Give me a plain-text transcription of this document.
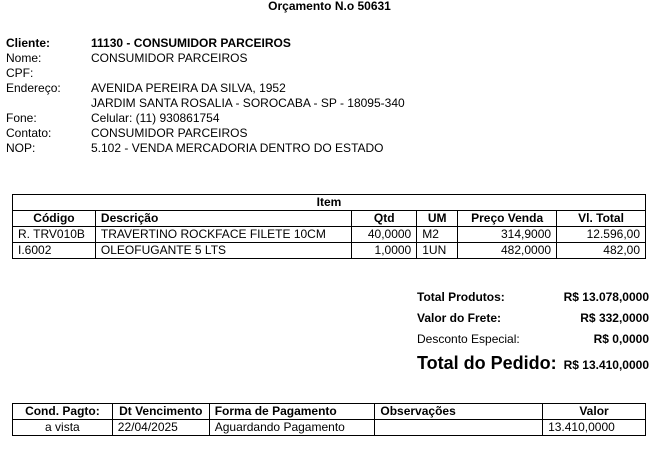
Orçamento N.o 50631
Cliente:	11130 - CONSUMIDOR PARCEIROS
Nome:	CONSUMIDOR PARCEIROS
CPF:
Endereço:	AVENIDA PEREIRA DA SILVA, 1952
JARDIM SANTA ROSALIA - SOROCABA - SP - 18095-340
Fone:	Celular: (11) 930861754
Contato:	CONSUMIDOR PARCEIROS
NOP:	5.102 - VENDA MERCADORIA DENTRO DO ESTADO
Item					
Código	Descrição	Qtd	UM	Preço Venda	Vl. Total
R. TRV010B	TRAVERTINO ROCKFACE FILETE 10CM	40,0000	M2	314,9000	12.596,00
I.6002	OLEOFUGANTE 5 LTS	1,0000	1UN	482,0000	482,00
Total Produtos:	R$ 13.078,0000
Valor do Frete:	R$ 332,0000
Desconto Especial:	R$ 0,0000
Total do Pedido: R$ 13.410,0000
Cond. Pagto:	Dt Vencimento	Forma de Pagamento	Observações	Valor
a vista	22/04/2025	Aguardando Pagamento		13.410,0000
